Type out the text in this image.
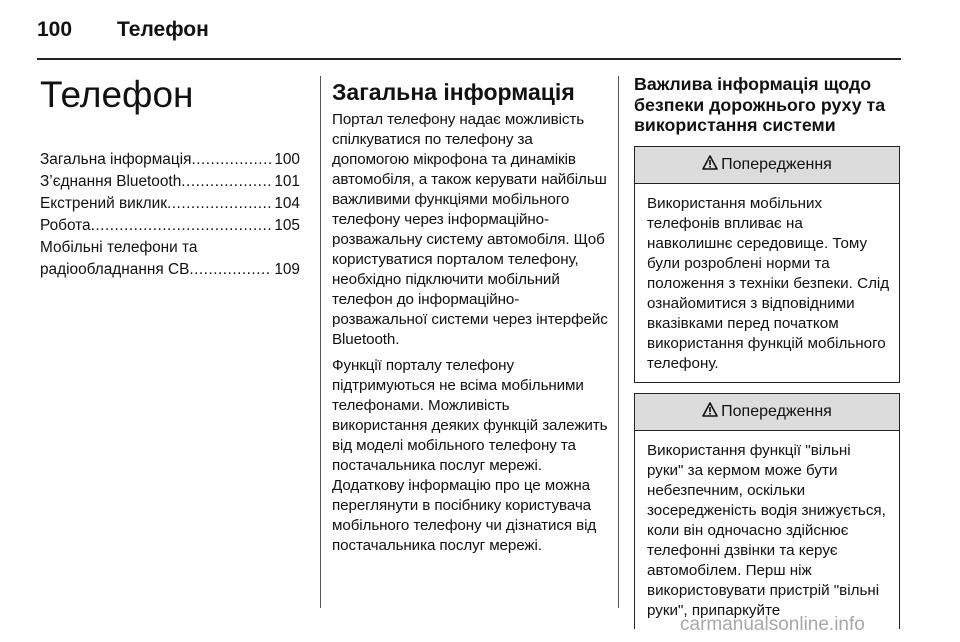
100 Телефон
Телефон
Загальна інформація .....	100
З’єднання Bluetooth .....	101
Екстрений виклик .....	104
Робота .....	105
Мобільні телефони та
радіообладнання CB .....	109
Загальна інформація

Портал телефону надає можливість спілкуватися по телефону за допомогою мікрофона та динаміків автомобіля, а також керувати найбільш важливими функціями мобільного телефону через інформаційно-розважальну систему автомобіля. Щоб користуватися порталом телефону, необхідно підключити мобільний телефон до інформаційно-розважальної системи через інтерфейс Bluetooth.

Функції порталу телефону підтримуються не всіма мобільними телефонами. Можливість використання деяких функцій залежить від моделі мобільного телефону та постачальника послуг мережі. Додаткову інформацію про це можна переглянути в посібнику користувача мобільного телефону чи дізнатися від постачальника послуг мережі.

Важлива інформація щодо безпеки дорожнього руху та використання системи
Попередження
Використання мобільних телефонів впливає на навколишнє середовище. Тому були розроблені норми та положення з техніки безпеки. Слід ознайомитися з відповідними вказівками перед початком використання функцій мобільного телефону.
Попередження
Використання функції "вільні руки" за кермом може бути небезпечним, оскільки зосередженість водія знижується, коли він одночасно здійснює телефонні дзвінки та керує автомобілем. Перш ніж використовувати пристрій "вільні руки", припаркуйте
carmanualsonline.info
